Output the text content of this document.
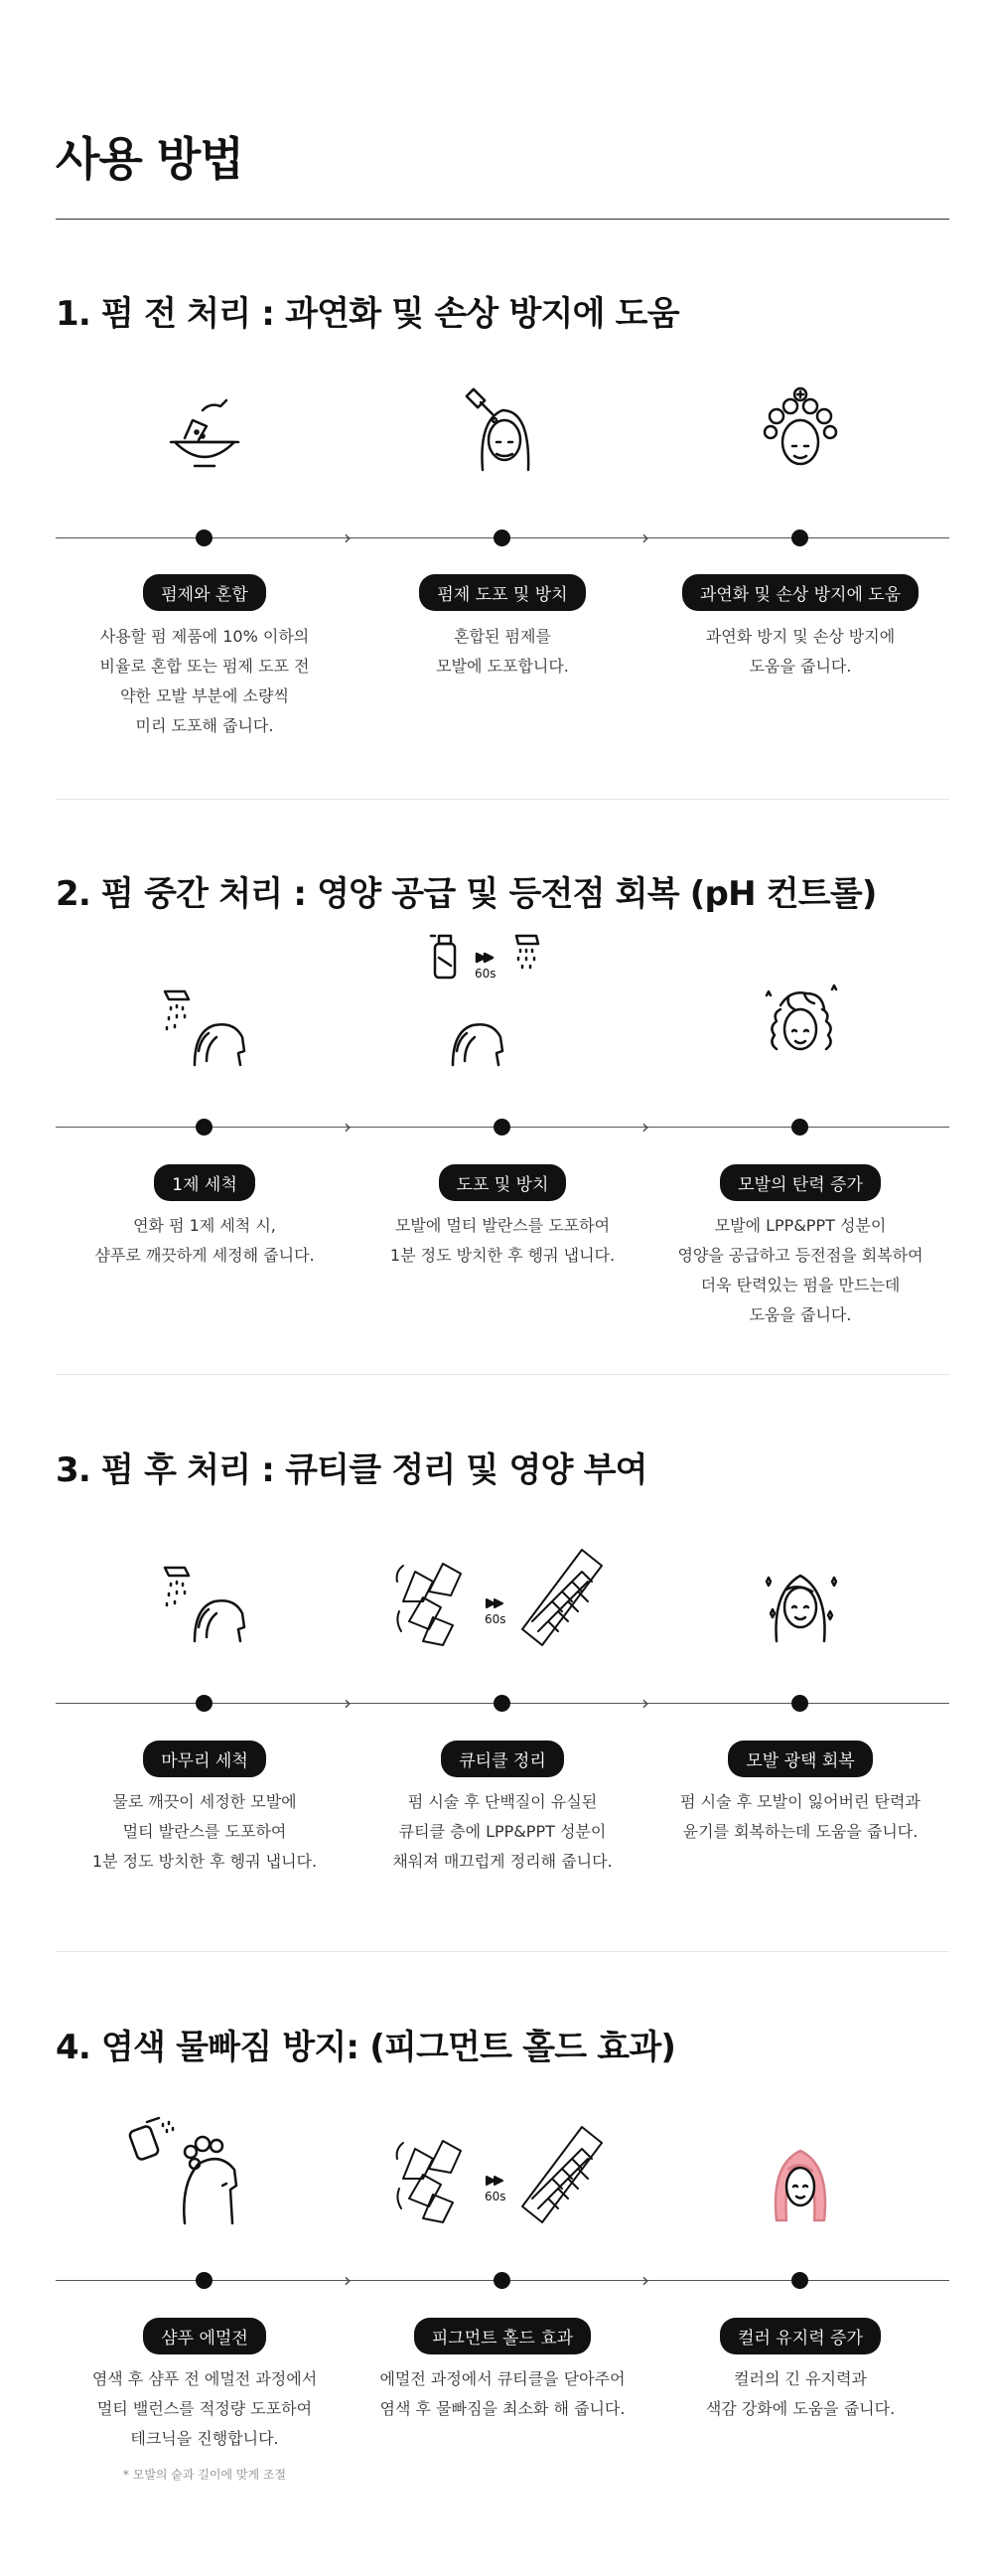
사용 방법
1. 펌 전 처리 : 과연화 및 손상 방지에 도움
›	›
펌제와 혼합
사용할 펌 제품에 10% 이하의
비율로 혼합 또는 펌제 도포 전
약한 모발 부분에 소량씩
미리 도포해 줍니다.
펌제 도포 및 방치
혼합된 펌제를
모발에 도포합니다.
과연화 및 손상 방지에 도움
과연화 방지 및 손상 방지에
도움을 줍니다.
2. 펌 중간 처리 : 영양 공급 및 등전점 회복 (pH 컨트롤)
›	›
1제 세척
연화 펌 1제 세척 시,
샴푸로 깨끗하게 세정해 줍니다.
60s
도포 및 방치
모발에 멀티 발란스를 도포하여
1분 정도 방치한 후 헹궈 냅니다.
모발의 탄력 증가
모발에 LPP&PPT 성분이
영양을 공급하고 등전점을 회복하여
더욱 탄력있는 펌을 만드는데
도움을 줍니다.
3. 펌 후 처리 : 큐티클 정리 및 영양 부여
›	›
마무리 세척
물로 깨끗이 세정한 모발에
멀티 발란스를 도포하여
1분 정도 방치한 후 헹궈 냅니다.
60s
큐티클 정리
펌 시술 후 단백질이 유실된
큐티클 층에 LPP&PPT 성분이
채워져 매끄럽게 정리해 줍니다.
모발 광택 회복
펌 시술 후 모발이 잃어버린 탄력과
윤기를 회복하는데 도움을 줍니다.
4. 염색 물빠짐 방지: (피그먼트 홀드 효과)
›	›
샴푸 에멀전
염색 후 샴푸 전 에멀전 과정에서
멀티 밸런스를 적정량 도포하여
테크닉을 진행합니다.
* 모발의 숱과 길이에 맞게 조절
60s
피그먼트 홀드 효과
에멀전 과정에서 큐티클을 닫아주어
염색 후 물빠짐을 최소화 해 줍니다.
컬러 유지력 증가
컬러의 긴 유지력과
색감 강화에 도움을 줍니다.
